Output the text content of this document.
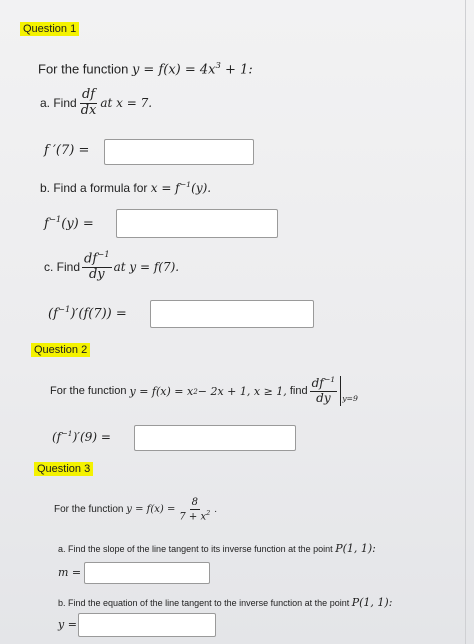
Question 1
For the function $y = f(x) = 4x^3 + 1$:
a. Find $\frac{df}{dx}$ at x = 7.
f ′(7) =
b. Find a formula for $x = f^{-1}(y)$.
$f^{-1}(y)$ =
c. Find $\frac{df^{-1}}{dy}$ at y = f(7).
$(f^{-1})'(f(7))$ =
Question 2
For the function
y = f(x) = x 2 − 2x + 1, x ≥ 1,
find $\frac{df^{-1}}{dy} y=9$
$(f^{-1})'(9)$ =
Question 3
For the function
$y = f(x) = \frac{8}{7 + x^2}$ .
a. Find the slope of the line tangent to its inverse function at the point P(1, 1):
m =
b. Find the equation of the line tangent to the inverse function at the point P(1, 1):
y =
